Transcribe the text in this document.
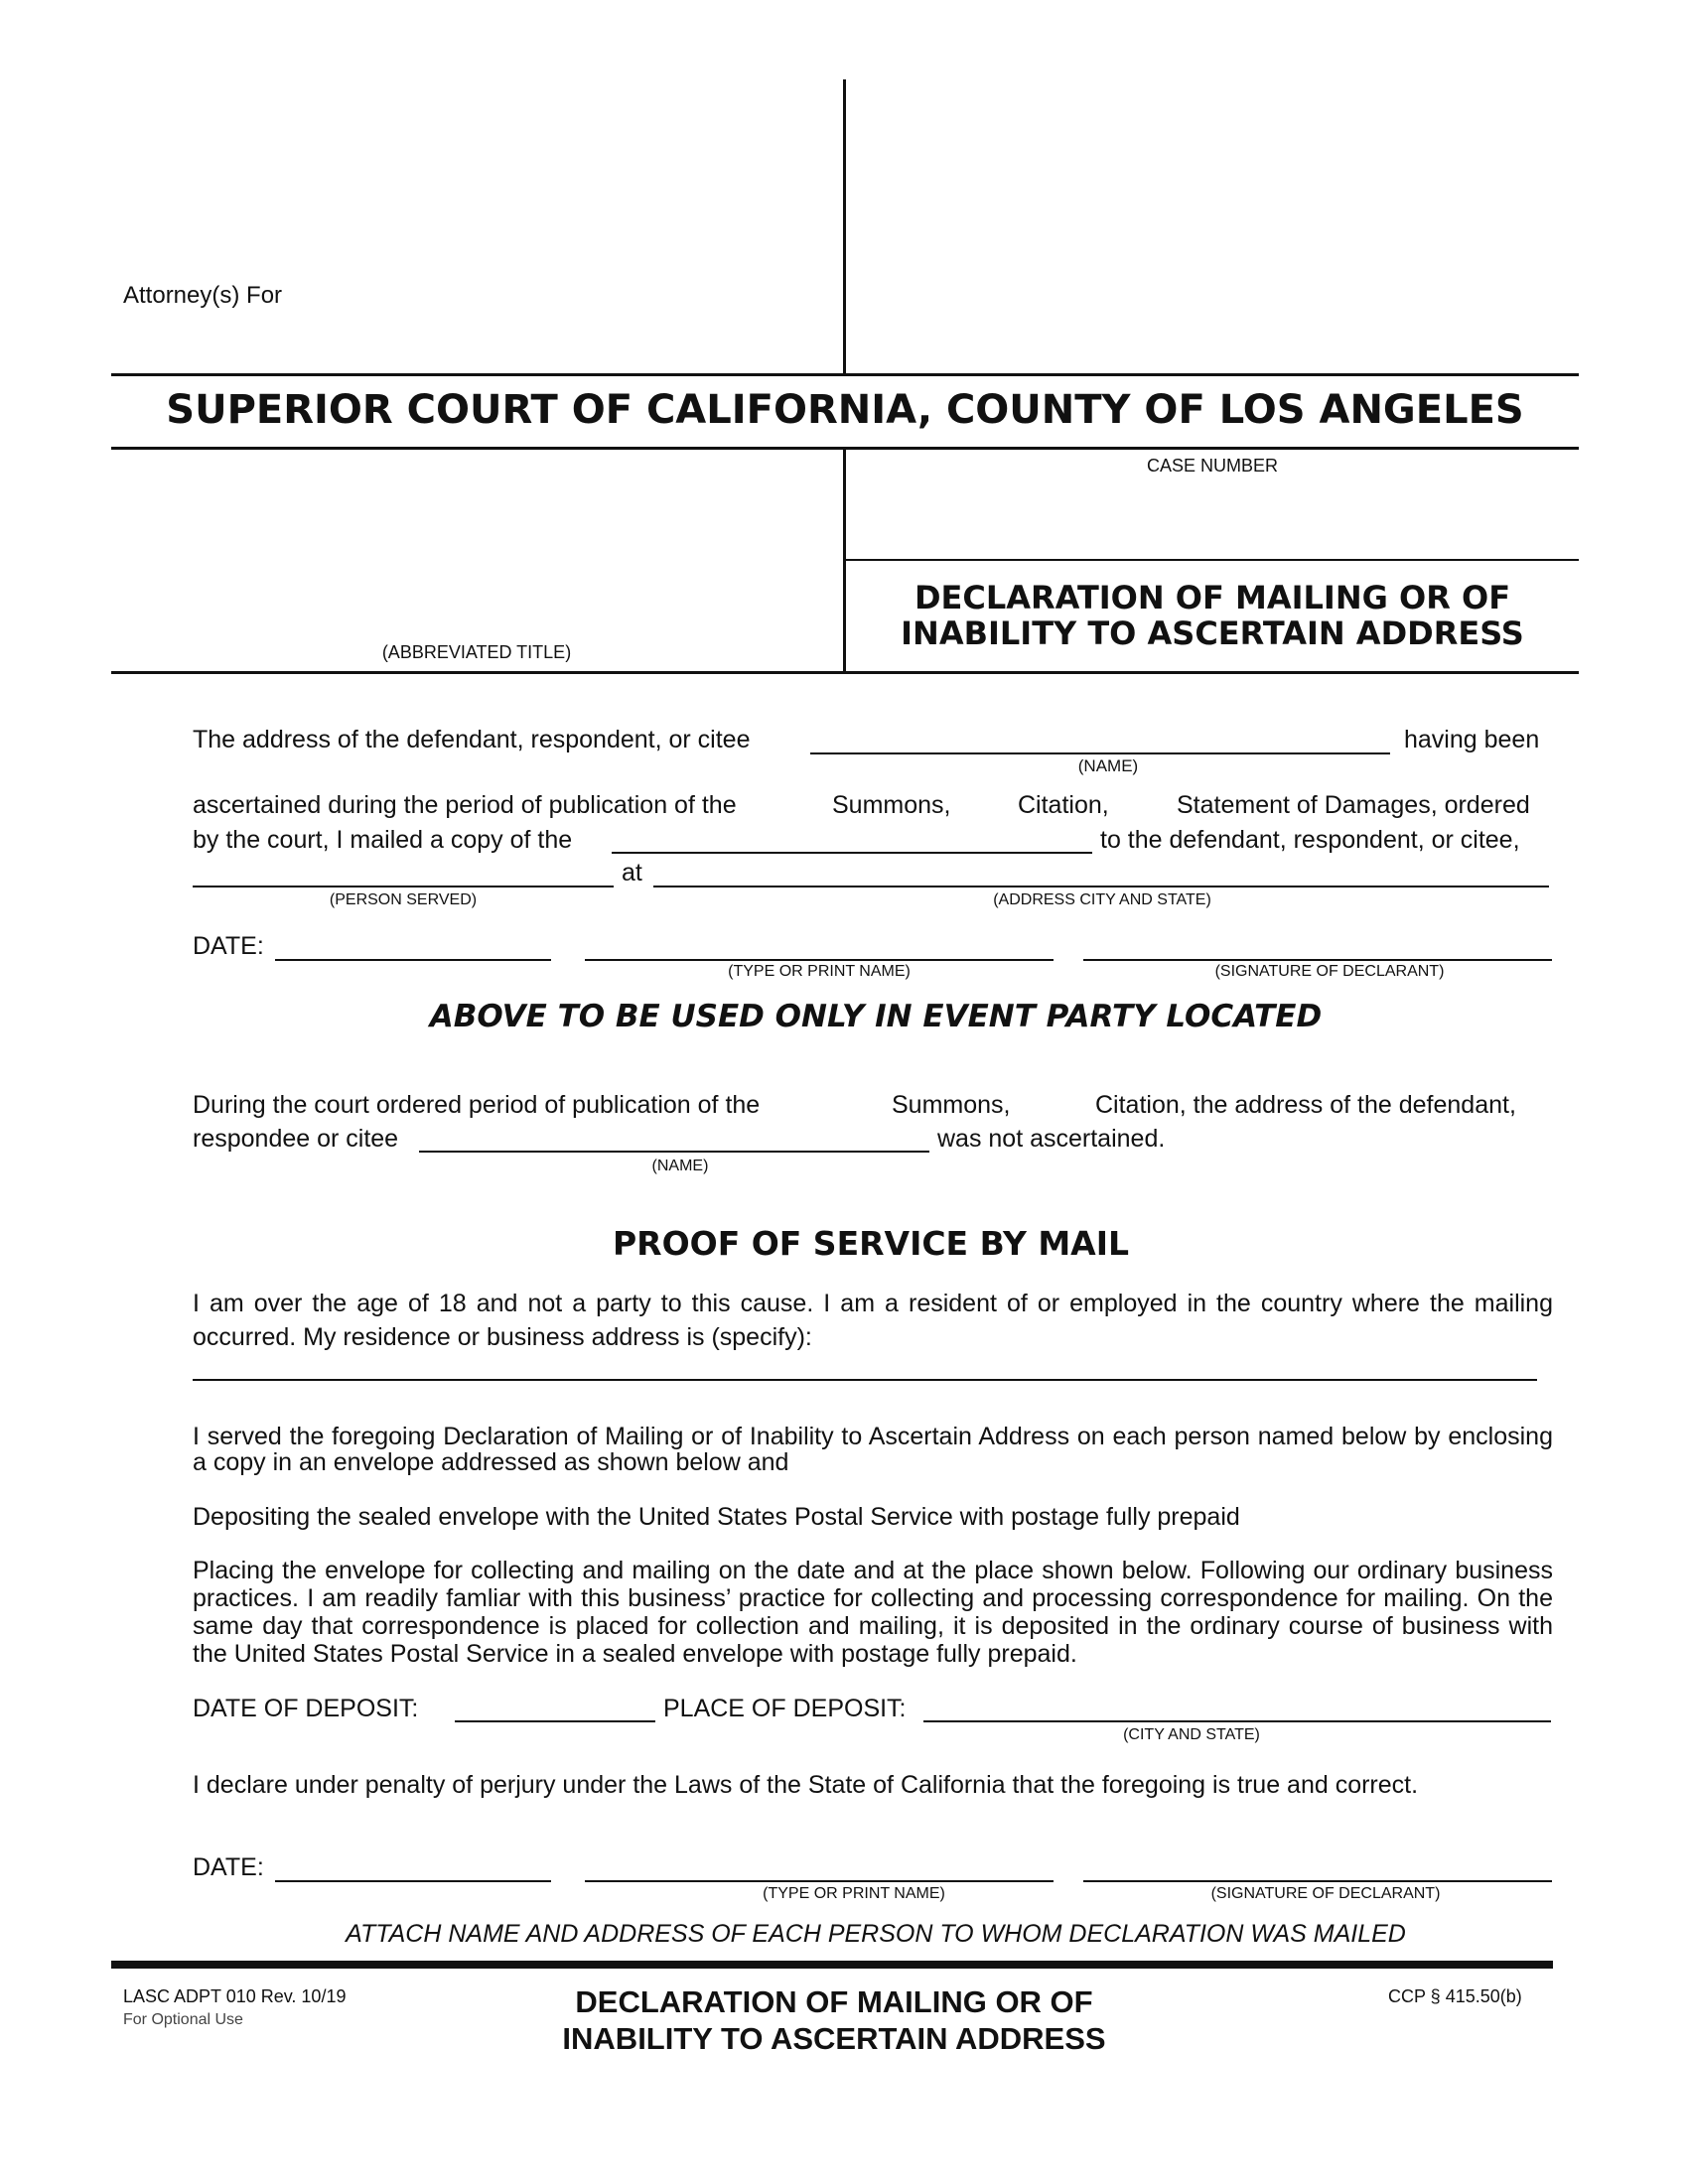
Attorney(s) For
SUPERIOR COURT OF CALIFORNIA, COUNTY OF LOS ANGELES
CASE NUMBER
DECLARATION OF MAILING OR OF
INABILITY TO ASCERTAIN ADDRESS
(ABBREVIATED TITLE)
The address of the defendant, respondent, or citee	having been
(NAME)
ascertained during the period of publication of the	Summons,	Citation,	Statement of Damages, ordered
by the court, I mailed a copy of the	to the defendant, respondent, or citee,
at
(PERSON SERVED)	(ADDRESS CITY AND STATE)
DATE:
(TYPE OR PRINT NAME)	(SIGNATURE OF DECLARANT)
ABOVE TO BE USED ONLY IN EVENT PARTY LOCATED
During the court ordered period of publication of the	Summons,	Citation, the address of the defendant,
respondee or citee	was not ascertained.
(NAME)
PROOF OF SERVICE BY MAIL
I am over the age of 18 and not a party to this cause. I am a resident of or employed in the country where the mailing occurred. My residence or business address is (specify):
I served the foregoing Declaration of Mailing or of Inability to Ascertain Address on each person named below by enclosing a copy in an envelope addressed as shown below and
Depositing the sealed envelope with the United States Postal Service with postage fully prepaid
Placing the envelope for collecting and mailing on the date and at the place shown below. Following our ordinary business practices. I am readily famliar with this business’ practice for collecting and processing correspondence for mailing. On the same day that correspondence is placed for collection and mailing, it is deposited in the ordinary course of business with the United States Postal Service in a sealed envelope with postage fully prepaid.
DATE OF DEPOSIT:	PLACE OF DEPOSIT:
(CITY AND STATE)
I declare under penalty of perjury under the Laws of the State of California that the foregoing is true and correct.
DATE:
(TYPE OR PRINT NAME)	(SIGNATURE OF DECLARANT)
ATTACH NAME AND ADDRESS OF EACH PERSON TO WHOM DECLARATION WAS MAILED
LASC ADPT 010 Rev. 10/19
For Optional Use
DECLARATION OF MAILING OR OF
INABILITY TO ASCERTAIN ADDRESS
CCP § 415.50(b)
